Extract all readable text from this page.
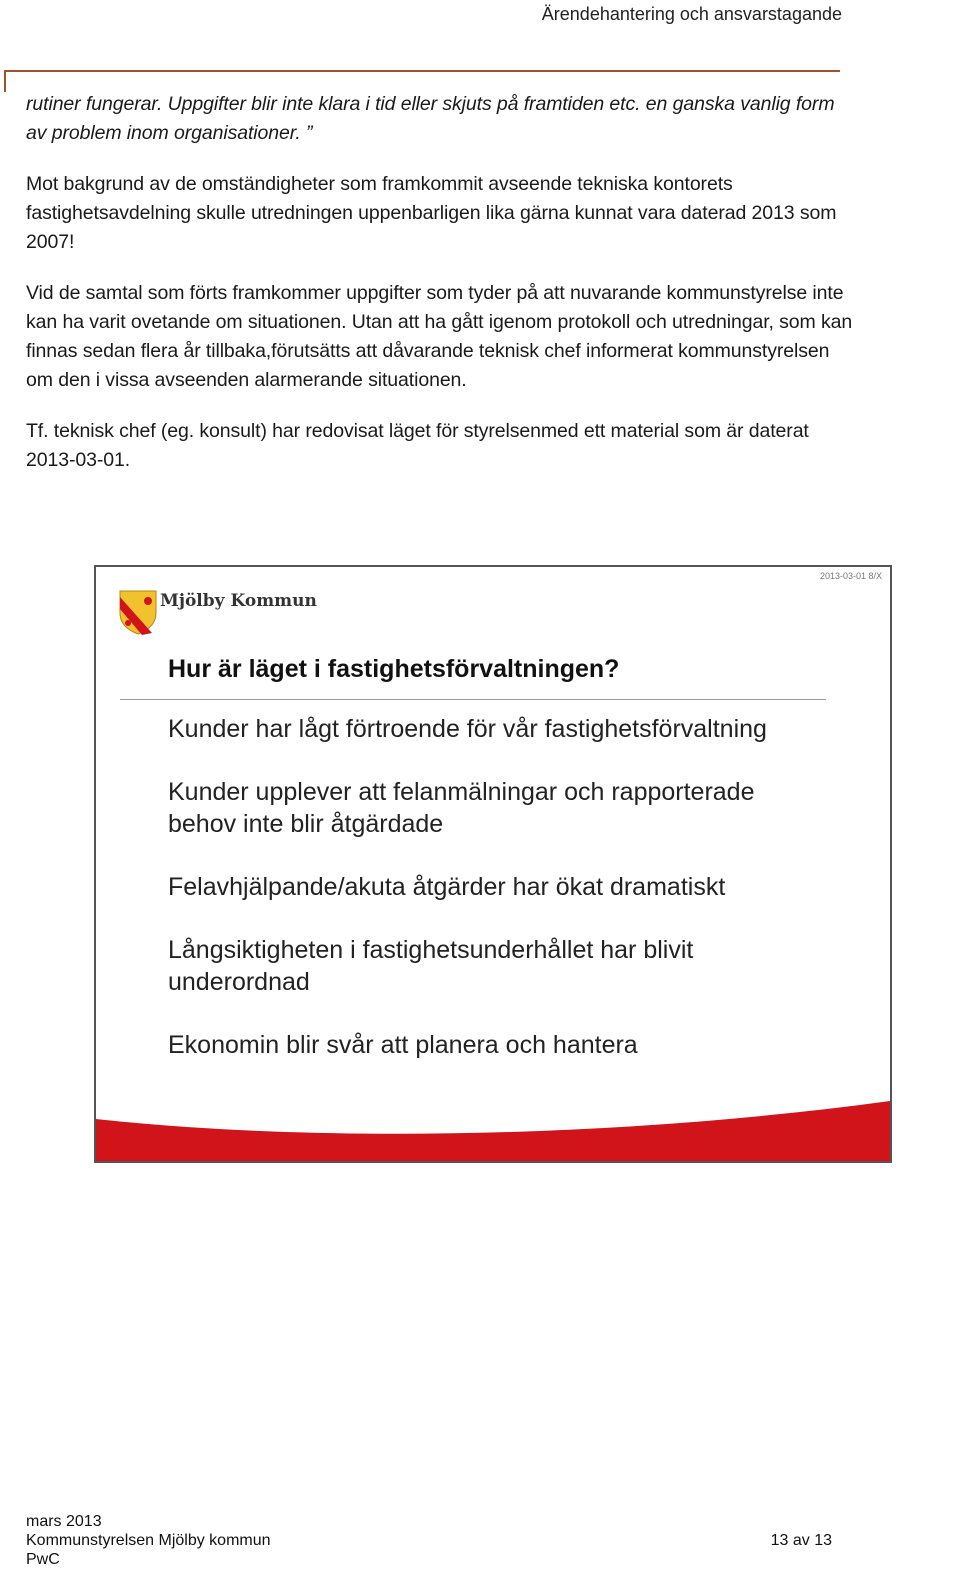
Ärendehantering och ansvarstagande

rutiner fungerar. Uppgifter blir inte klara i tid eller skjuts på framtiden etc. en ganska vanlig form av problem inom organisationer. ”

Mot bakgrund av de omständigheter som framkommit avseende tekniska kontorets fastighetsavdelning skulle utredningen uppenbarligen lika gärna kunnat vara daterad 2013 som 2007!

Vid de samtal som förts framkommer uppgifter som tyder på att nuvarande kommunstyrelse inte kan ha varit ovetande om situationen. Utan att ha gått igenom protokoll och utredningar, som kan finnas sedan flera år tillbaka,förutsätts att dåvarande teknisk chef informerat kommunstyrelsen om den i vissa avseenden alarmerande situationen.

Tf. teknisk chef (eg. konsult) har redovisat läget för styrelsenmed ett material som är daterat 2013-03-01.

2013-03-01 8/X
Mjölby Kommun
Hur är läget i fastighetsförvaltningen?
Kunder har lågt förtroende för vår fastighetsförvaltning
Kunder upplever att felanmälningar och rapporterade behov inte blir åtgärdade
Felavhjälpande/akuta åtgärder har ökat dramatiskt
Långsiktigheten i fastighetsunderhållet har blivit underordnad
Ekonomin blir svår att planera och hantera
mars 2013
Kommunstyrelsen Mjölby kommun
PwC
13 av 13
